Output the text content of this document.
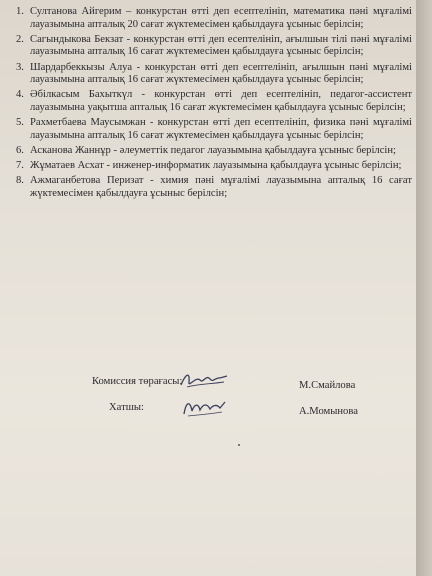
1. Султанова Айгерим – конкурстан өтті деп есептелініп, математика пәні мұғалімі лауазымына апталық 20 сағат жүктемесімен қабылдауға ұсыныс берілсін;
2. Сагындыкова Бекзат - конкурстан өтті деп есептелініп, ағылшын тілі пәні мұғалімі лауазымына апталық 16 сағат жүктемесімен қабылдауға ұсыныс берілсін;
3. Шардарбеккызы Алуа - конкурстан өтті деп есептелініп, ағылшын пәні мұғалімі лауазымына апталық 16 сағат жүктемесімен қабылдауға ұсыныс берілсін;
4. Әбілкасым Бахыткүл - конкурстан өтті деп есептелініп, педагог-ассистент лауазымына уақытша апталық 16 сағат жүктемесімен қабылдауға ұсыныс берілсін;
5. Рахметбаева Маусымжан - конкурстан өтті деп есептелініп, физика пәні мұғалімі лауазымына апталық 16 сағат жүктемесімен қабылдауға ұсыныс берілсін;
6. Асканова Жаннұр - әлеуметтік педагог лауазымына қабылдауға ұсыныс берілсін;
7. Жұматаев Асхат - инженер-информатик лауазымына қабылдауға ұсыныс берілсін;
8. Ажмаганбетова Перизат - химия пәні мұғалімі лауазымына апталық 16 сағат жүктемесімен қабылдауға ұсыныс берілсін;
Комиссия төрағасы:	М.Смайлова
Хатшы:	А.Момынова
